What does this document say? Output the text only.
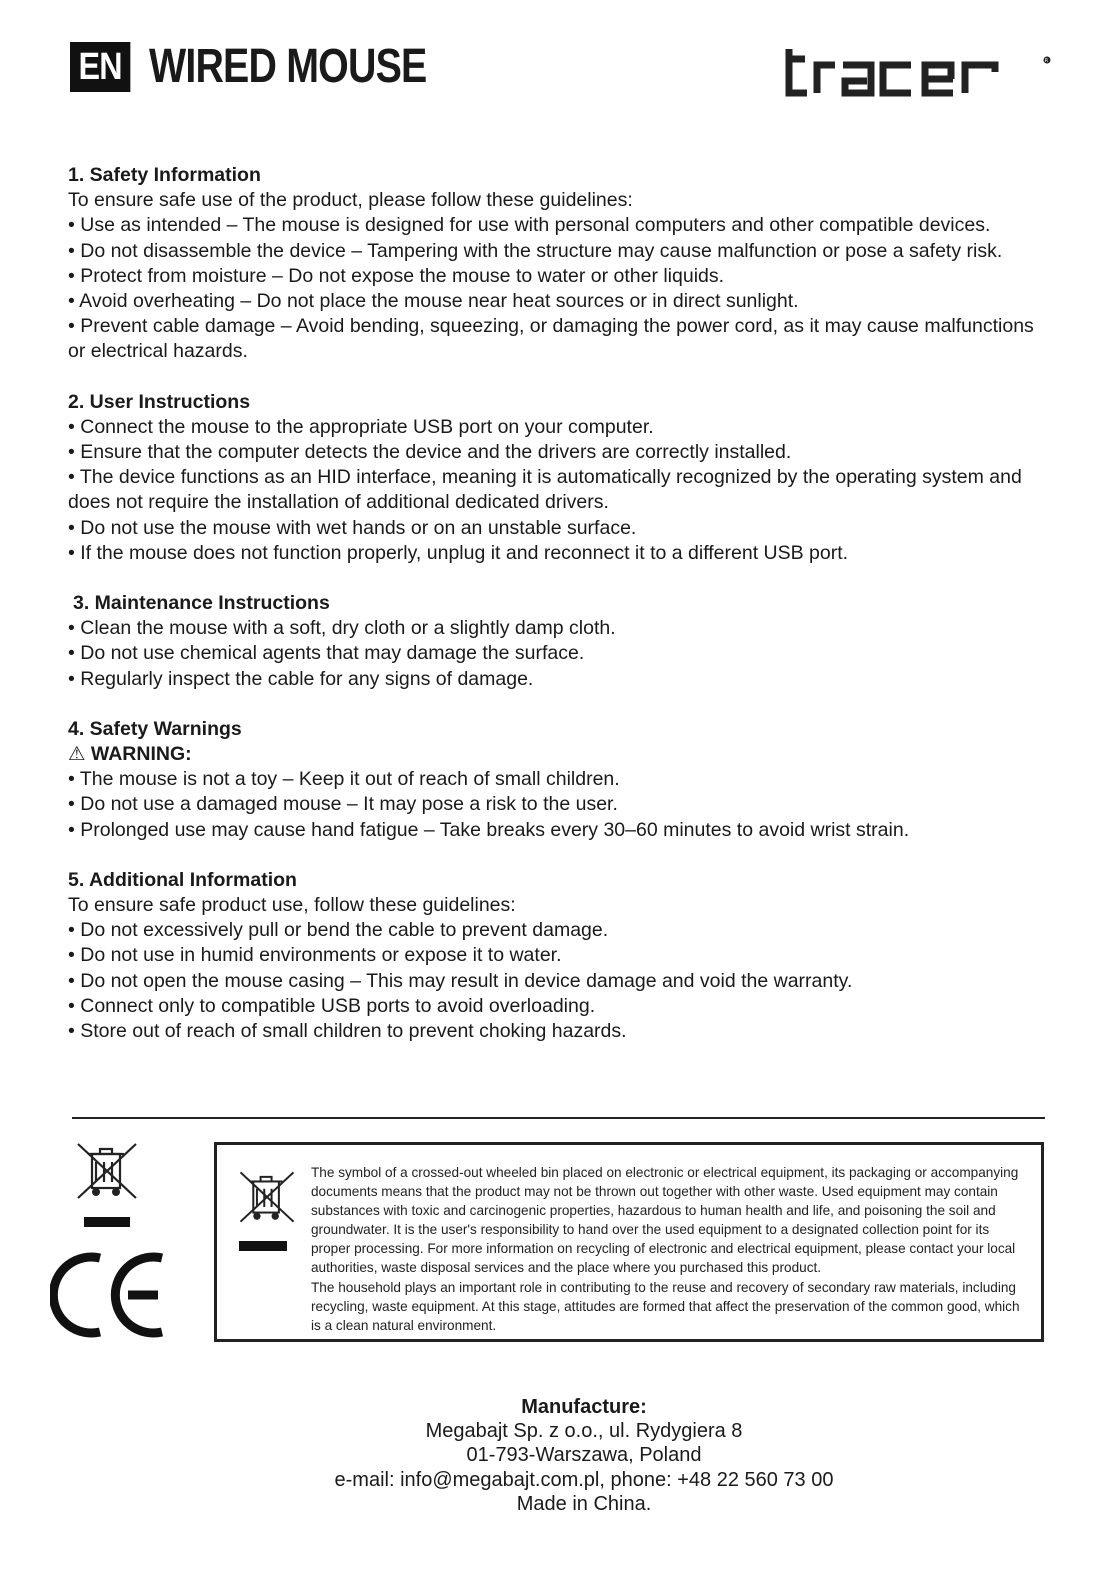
EN WIRED MOUSE	R
1. Safety Information
To ensure safe use of the product, please follow these guidelines:
• Use as intended – The mouse is designed for use with personal computers and other compatible devices.
• Do not disassemble the device – Tampering with the structure may cause malfunction or pose a safety risk.
• Protect from moisture – Do not expose the mouse to water or other liquids.
• Avoid overheating – Do not place the mouse near heat sources or in direct sunlight.
• Prevent cable damage – Avoid bending, squeezing, or damaging the power cord, as it may cause malfunctions or electrical hazards.
2. User Instructions
• Connect the mouse to the appropriate USB port on your computer.
• Ensure that the computer detects the device and the drivers are correctly installed.
• The device functions as an HID interface, meaning it is automatically recognized by the operating system and does not require the installation of additional dedicated drivers.
• Do not use the mouse with wet hands or on an unstable surface.
• If the mouse does not function properly, unplug it and reconnect it to a different USB port.
3. Maintenance Instructions
• Clean the mouse with a soft, dry cloth or a slightly damp cloth.
• Do not use chemical agents that may damage the surface.
• Regularly inspect the cable for any signs of damage.
4. Safety Warnings
⚠ WARNING:
• The mouse is not a toy – Keep it out of reach of small children.
• Do not use a damaged mouse – It may pose a risk to the user.
• Prolonged use may cause hand fatigue – Take breaks every 30–60 minutes to avoid wrist strain.
5. Additional Information
To ensure safe product use, follow these guidelines:
• Do not excessively pull or bend the cable to prevent damage.
• Do not use in humid environments or expose it to water.
• Do not open the mouse casing – This may result in device damage and void the warranty.
• Connect only to compatible USB ports to avoid overloading.
• Store out of reach of small children to prevent choking hazards.

The symbol of a crossed-out wheeled bin placed on electronic or electrical equipment, its packaging or accompanying documents means that the product may not be thrown out together with other waste. Used equipment may contain substances with toxic and carcinogenic properties, hazardous to human health and life, and poisoning the soil and groundwater. It is the user's responsibility to hand over the used equipment to a designated collection point for its proper processing. For more information on recycling of electronic and electrical equipment, please contact your local authorities, waste disposal services and the place where you purchased this product.

The household plays an important role in contributing to the reuse and recovery of secondary raw materials, including recycling, waste equipment. At this stage, attitudes are formed that affect the preservation of the common good, which is a clean natural environment.

Manufacture:
Megabajt Sp. z o.o., ul. Rydygiera 8
01-793-Warszawa, Poland
e-mail: info@megabajt.com.pl, phone: +48 22 560 73 00
Made in China.
